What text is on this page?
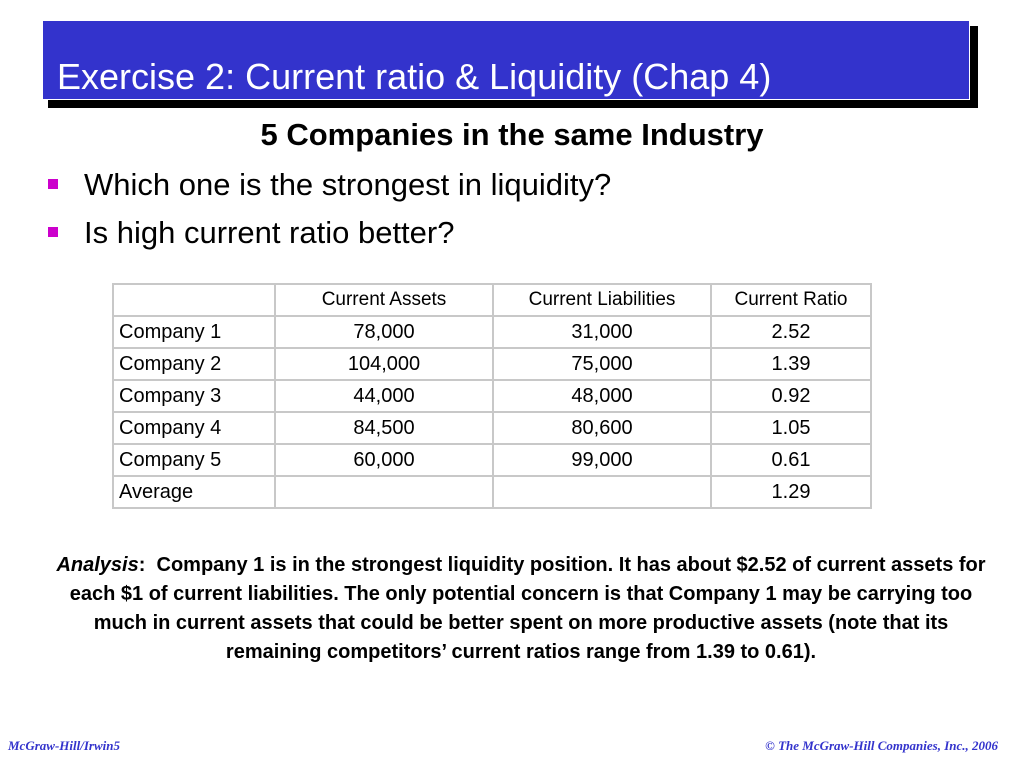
Exercise 2: Current ratio & Liquidity (Chap 4)
5 Companies in the same Industry
Which one is the strongest in liquidity?
Is high current ratio better?
	Current Assets	Current Liabilities	Current Ratio
Company 1	78,000	31,000	2.52
Company 2	104,000	75,000	1.39
Company 3	44,000	48,000	0.92
Company 4	84,500	80,600	1.05
Company 5	60,000	99,000	0.61
Average			1.29
Analysis:  Company 1 is in the strongest liquidity position. It has about $2.52 of current assets for each $1 of current liabilities. The only potential concern is that Company 1 may be carrying too much in current assets that could be better spent on more productive assets (note that its remaining competitors’ current ratios range from 1.39 to 0.61).
McGraw-Hill/Irwin5	© The McGraw-Hill Companies, Inc., 2006
